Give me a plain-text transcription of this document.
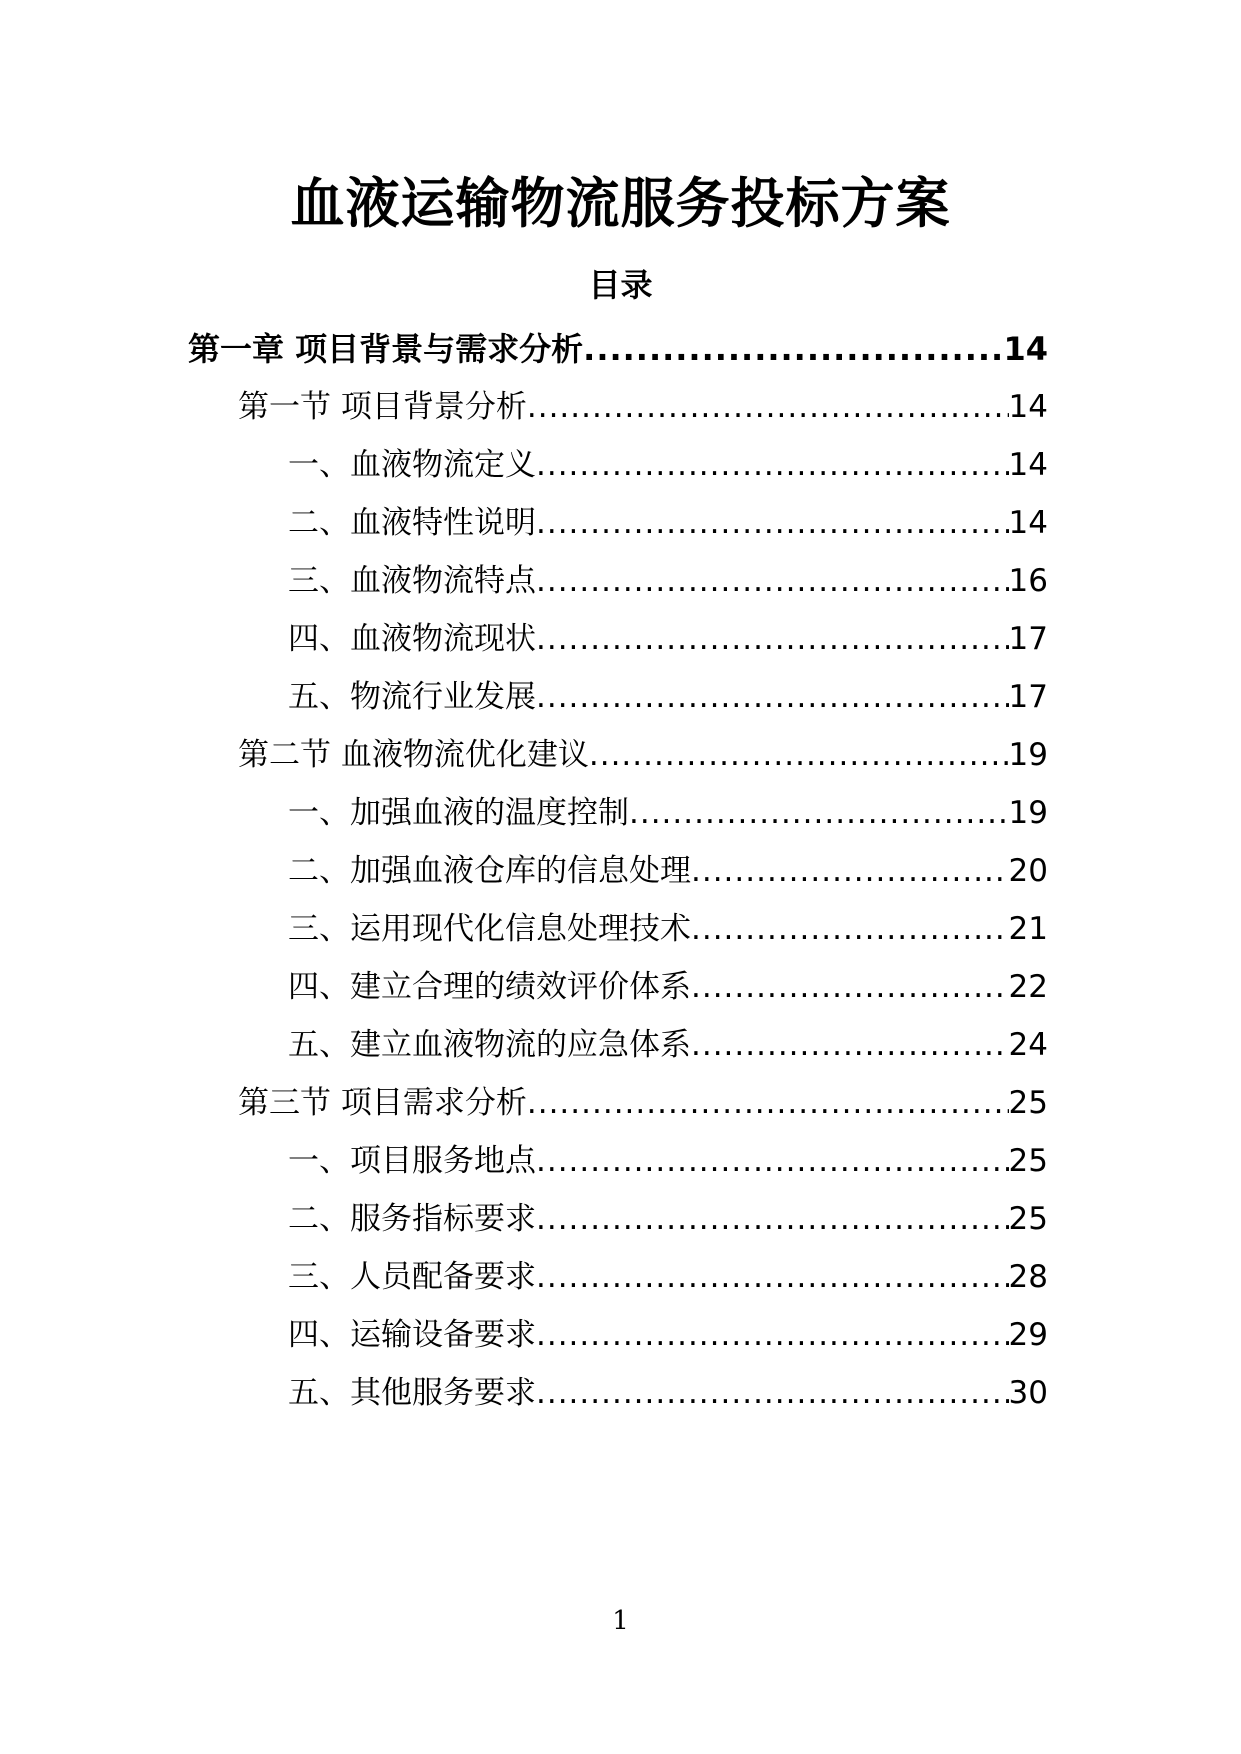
血液运输物流服务投标方案
目录
第一章 项目背景与需求分析 .....	14
第一节 项目背景分析 .....	14
一、血液物流定义 .....	14
二、血液特性说明 .....	14
三、血液物流特点 .....	16
四、血液物流现状 .....	17
五、物流行业发展 .....	17
第二节 血液物流优化建议 .....	19
一、加强血液的温度控制 .....	19
二、加强血液仓库的信息处理 .....	20
三、运用现代化信息处理技术 .....	21
四、建立合理的绩效评价体系 .....	22
五、建立血液物流的应急体系 .....	24
第三节 项目需求分析 .....	25
一、项目服务地点 .....	25
二、服务指标要求 .....	25
三、人员配备要求 .....	28
四、运输设备要求 .....	29
五、其他服务要求 .....	30
1
